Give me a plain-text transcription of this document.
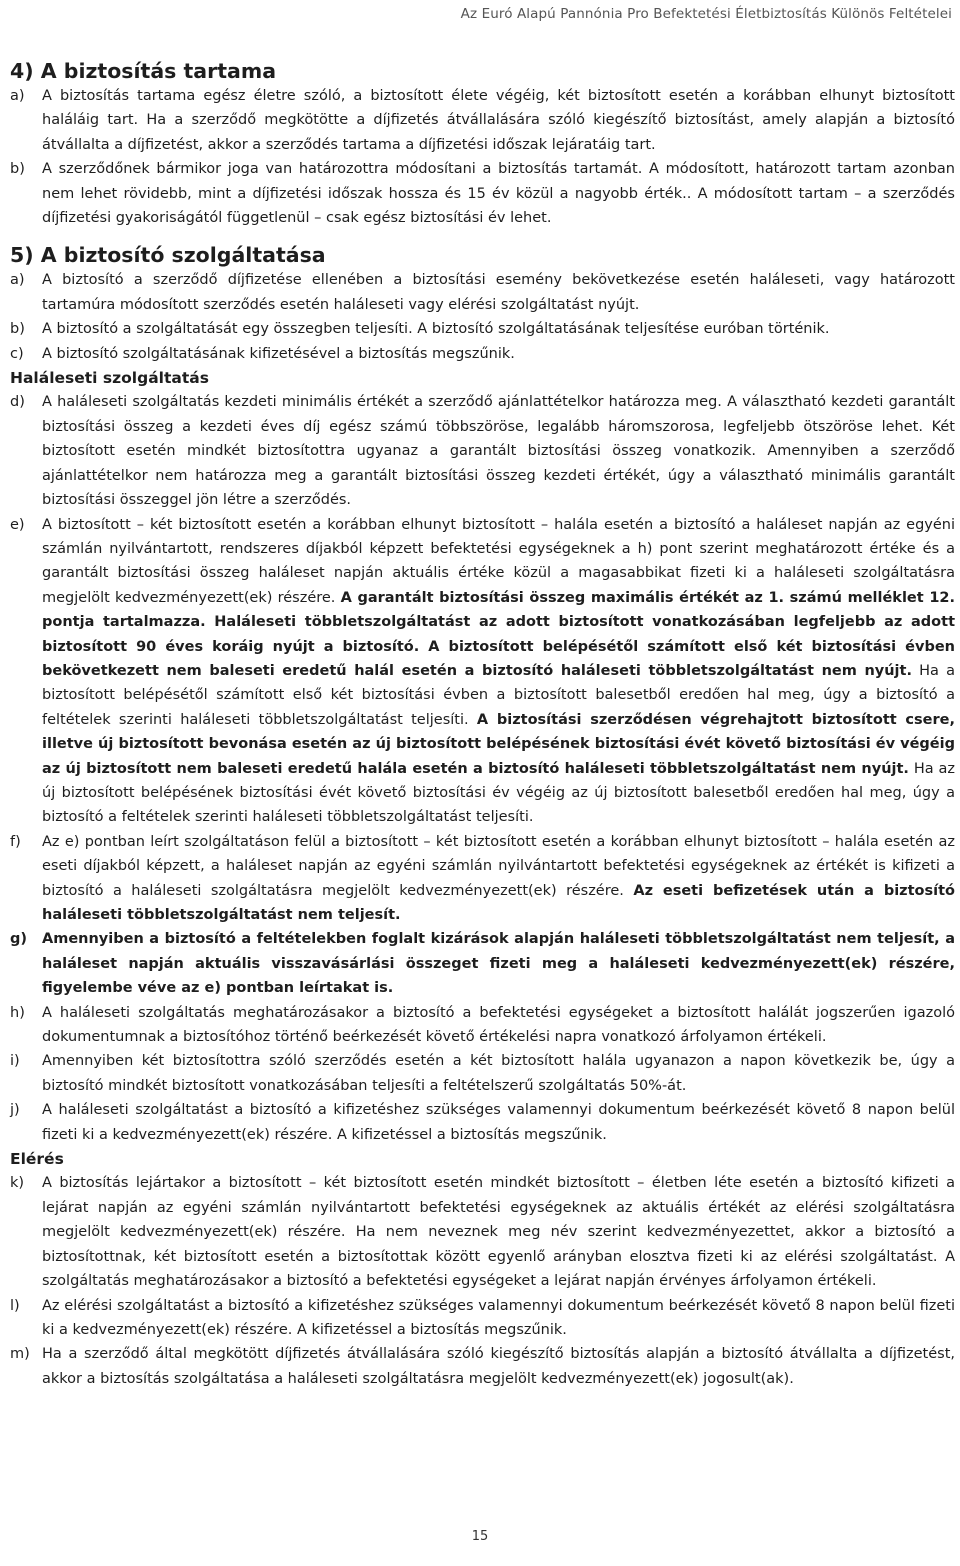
Az Euró Alapú Pannónia Pro Befektetési Életbiztosítás Különös Feltételei
4) A biztosítás tartama

a) A biztosítás tartama egész életre szóló, a biztosított élete végéig, két biztosított esetén a korábban elhunyt biztosított haláláig tart. Ha a szerződő megkötötte a díjfizetés átvállalására szóló kiegészítő biztosítást, amely alapján a biztosító átvállalta a díjfizetést, akkor a szerződés tartama a díjfizetési időszak lejáratáig tart.

b) A szerződőnek bármikor joga van határozottra módosítani a biztosítás tartamát. A módosított, határozott tartam azonban nem lehet rövidebb, mint a díjfizetési időszak hossza és 15 év közül a nagyobb érték.. A módosított tartam – a szerződés díjfizetési gyakoriságától függetlenül – csak egész biztosítási év lehet.

5) A biztosító szolgáltatása

a) A biztosító a szerződő díjfizetése ellenében a biztosítási esemény bekövetkezése esetén haláleseti, vagy határozott tartamúra módosított szerződés esetén haláleseti vagy elérési szolgáltatást nyújt.

b) A biztosító a szolgáltatását egy összegben teljesíti. A biztosító szolgáltatásának teljesítése euróban történik.

c) A biztosító szolgáltatásának kifizetésével a biztosítás megszűnik.

Haláleseti szolgáltatás

d) A haláleseti szolgáltatás kezdeti minimális értékét a szerződő ajánlattételkor határozza meg. A választható kezdeti garantált biztosítási összeg a kezdeti éves díj egész számú többszöröse, legalább háromszorosa, legfeljebb ötszöröse lehet. Két biztosított esetén mindkét biztosítottra ugyanaz a garantált biztosítási összeg vonatkozik. Amennyiben a szerződő ajánlattételkor nem határozza meg a garantált biztosítási összeg kezdeti értékét, úgy a választható minimális garantált biztosítási összeggel jön létre a szerződés.

e) A biztosított – két biztosított esetén a korábban elhunyt biztosított – halála esetén a biztosító a haláleset napján az egyéni számlán nyilvántartott, rendszeres díjakból képzett befektetési egységeknek a h) pont szerint meghatározott értéke és a garantált biztosítási összeg haláleset napján aktuális értéke közül a magasabbikat fizeti ki a haláleseti szolgáltatásra megjelölt kedvezményezett(ek) részére. A garantált biztosítási összeg maximális értékét az 1. számú melléklet 12. pontja tartalmazza. Haláleseti többletszolgáltatást az adott biztosított vonatkozásában legfeljebb az adott biztosított 90 éves koráig nyújt a biztosító. A biztosított belépésétől számított első két biztosítási évben bekövetkezett nem baleseti eredetű halál esetén a biztosító haláleseti többletszolgáltatást nem nyújt. Ha a biztosított belépésétől számított első két biztosítási évben a biztosított balesetből eredően hal meg, úgy a biztosító a feltételek szerinti haláleseti többletszolgáltatást teljesíti. A biztosítási szerződésen végrehajtott biztosított csere, illetve új biztosított bevonása esetén az új biztosított belépésének biztosítási évét követő biztosítási év végéig az új biztosított nem baleseti eredetű halála esetén a biztosító haláleseti többletszolgáltatást nem nyújt. Ha az új biztosított belépésének biztosítási évét követő biztosítási év végéig az új biztosított balesetből eredően hal meg, úgy a biztosító a feltételek szerinti haláleseti többletszolgáltatást teljesíti.

f) Az e) pontban leírt szolgáltatáson felül a biztosított – két biztosított esetén a korábban elhunyt biztosított – halála esetén az eseti díjakból képzett, a haláleset napján az egyéni számlán nyilvántartott befektetési egységeknek az értékét is kifizeti a biztosító a haláleseti szolgáltatásra megjelölt kedvezményezett(ek) részére. Az eseti befizetések után a biztosító haláleseti többletszolgáltatást nem teljesít.

g) Amennyiben a biztosító a feltételekben foglalt kizárások alapján haláleseti többletszolgáltatást nem teljesít, a haláleset napján aktuális visszavásárlási összeget fizeti meg a haláleseti kedvezményezett(ek) részére, figyelembe véve az e) pontban leírtakat is.

h) A haláleseti szolgáltatás meghatározásakor a biztosító a befektetési egységeket a biztosított halálát jogszerűen igazoló dokumentumnak a biztosítóhoz történő beérkezését követő értékelési napra vonatkozó árfolyamon értékeli.

i) Amennyiben két biztosítottra szóló szerződés esetén a két biztosított halála ugyanazon a napon következik be, úgy a biztosító mindkét biztosított vonatkozásában teljesíti a feltételszerű szolgáltatás 50%-át.

j) A haláleseti szolgáltatást a biztosító a kifizetéshez szükséges valamennyi dokumentum beérkezését követő 8 napon belül fizeti ki a kedvezményezett(ek) részére. A kifizetéssel a biztosítás megszűnik.

Elérés

k) A biztosítás lejártakor a biztosított – két biztosított esetén mindkét biztosított – életben léte esetén a biztosító kifizeti a lejárat napján az egyéni számlán nyilvántartott befektetési egységeknek az aktuális értékét az elérési szolgáltatásra megjelölt kedvezményezett(ek) részére. Ha nem neveznek meg név szerint kedvezményezettet, akkor a biztosító a biztosítottnak, két biztosított esetén a biztosítottak között egyenlő arányban elosztva fizeti ki az elérési szolgáltatást. A szolgáltatás meghatározásakor a biztosító a befektetési egységeket a lejárat napján érvényes árfolyamon értékeli.

l) Az elérési szolgáltatást a biztosító a kifizetéshez szükséges valamennyi dokumentum beérkezését követő 8 napon belül fizeti ki a kedvezményezett(ek) részére. A kifizetéssel a biztosítás megszűnik.

m) Ha a szerződő által megkötött díjfizetés átvállalására szóló kiegészítő biztosítás alapján a biztosító átvállalta a díjfizetést, akkor a biztosítás szolgáltatása a haláleseti szolgáltatásra megjelölt kedvezményezett(ek) jogosult(ak).

15
